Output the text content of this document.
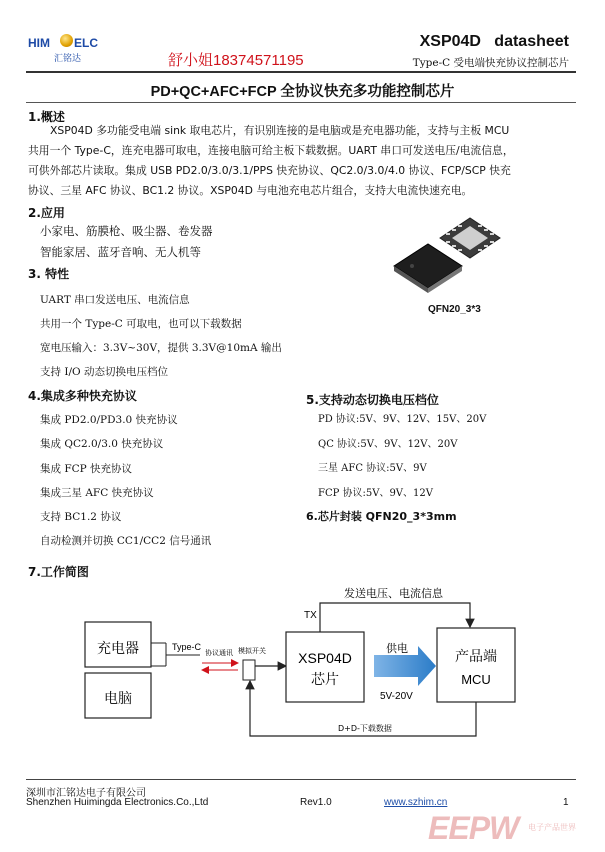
HIM ELC
汇铭达	舒小姐18374571195
XSP04D   datasheet
Type-C 受电端快充协议控制芯片
PD+QC+AFC+FCP 全协议快充多功能控制芯片
1.概述
XSP04D 多功能受电端 sink 取电芯片，有识别连接的是电脑或是充电器功能，支持与主板 MCU
共用一个 Type-C，连充电器可取电，连接电脑可给主板下载数据。UART 串口可发送电压/电流信息，
可供外部芯片读取。集成 USB PD2.0/3.0/3.1/PPS 快充协议、QC2.0/3.0/4.0 协议、FCP/SCP 快充
协议、三星 AFC 协议、BC1.2 协议。XSP04D 与电池充电芯片组合，支持大电流快速充电。
2.应用
小家电、筋膜枪、吸尘器、卷发器
智能家居、蓝牙音响、无人机等
3. 特性
UART 串口发送电压、电流信息
共用一个 Type-C 可取电，也可以下载数据
宽电压输入：3.3V~30V，提供 3.3V@10mA 输出
支持 I/O 动态切换电压档位
QFN20_3*3
4.集成多种快充协议
集成 PD2.0/PD3.0 快充协议
集成 QC2.0/3.0 快充协议
集成 FCP 快充协议
集成三星 AFC 快充协议
支持 BC1.2 协议
自动检测并切换 CC1/CC2 信号通讯
5.支持动态切换电压档位
PD 协议:5V、9V、12V、15V、20V
QC 协议:5V、9V、12V、20V
三星 AFC 协议:5V、9V
FCP 协议:5V、9V、12V
6.芯片封装 QFN20_3*3mm
7.工作简图
充电器
电脑
Type-C
协议通讯 模拟开关 XSP04D
芯片
TX
发送电压、电流信息
供电
5V-20V
产品端
MCU
D+D-下载数据
深圳市汇铭达电子有限公司
Shenzhen Huimingda Electronics.Co.,Ltd	Rev1.0	www.szhim.cn	1
EEPW 电子产品世界
